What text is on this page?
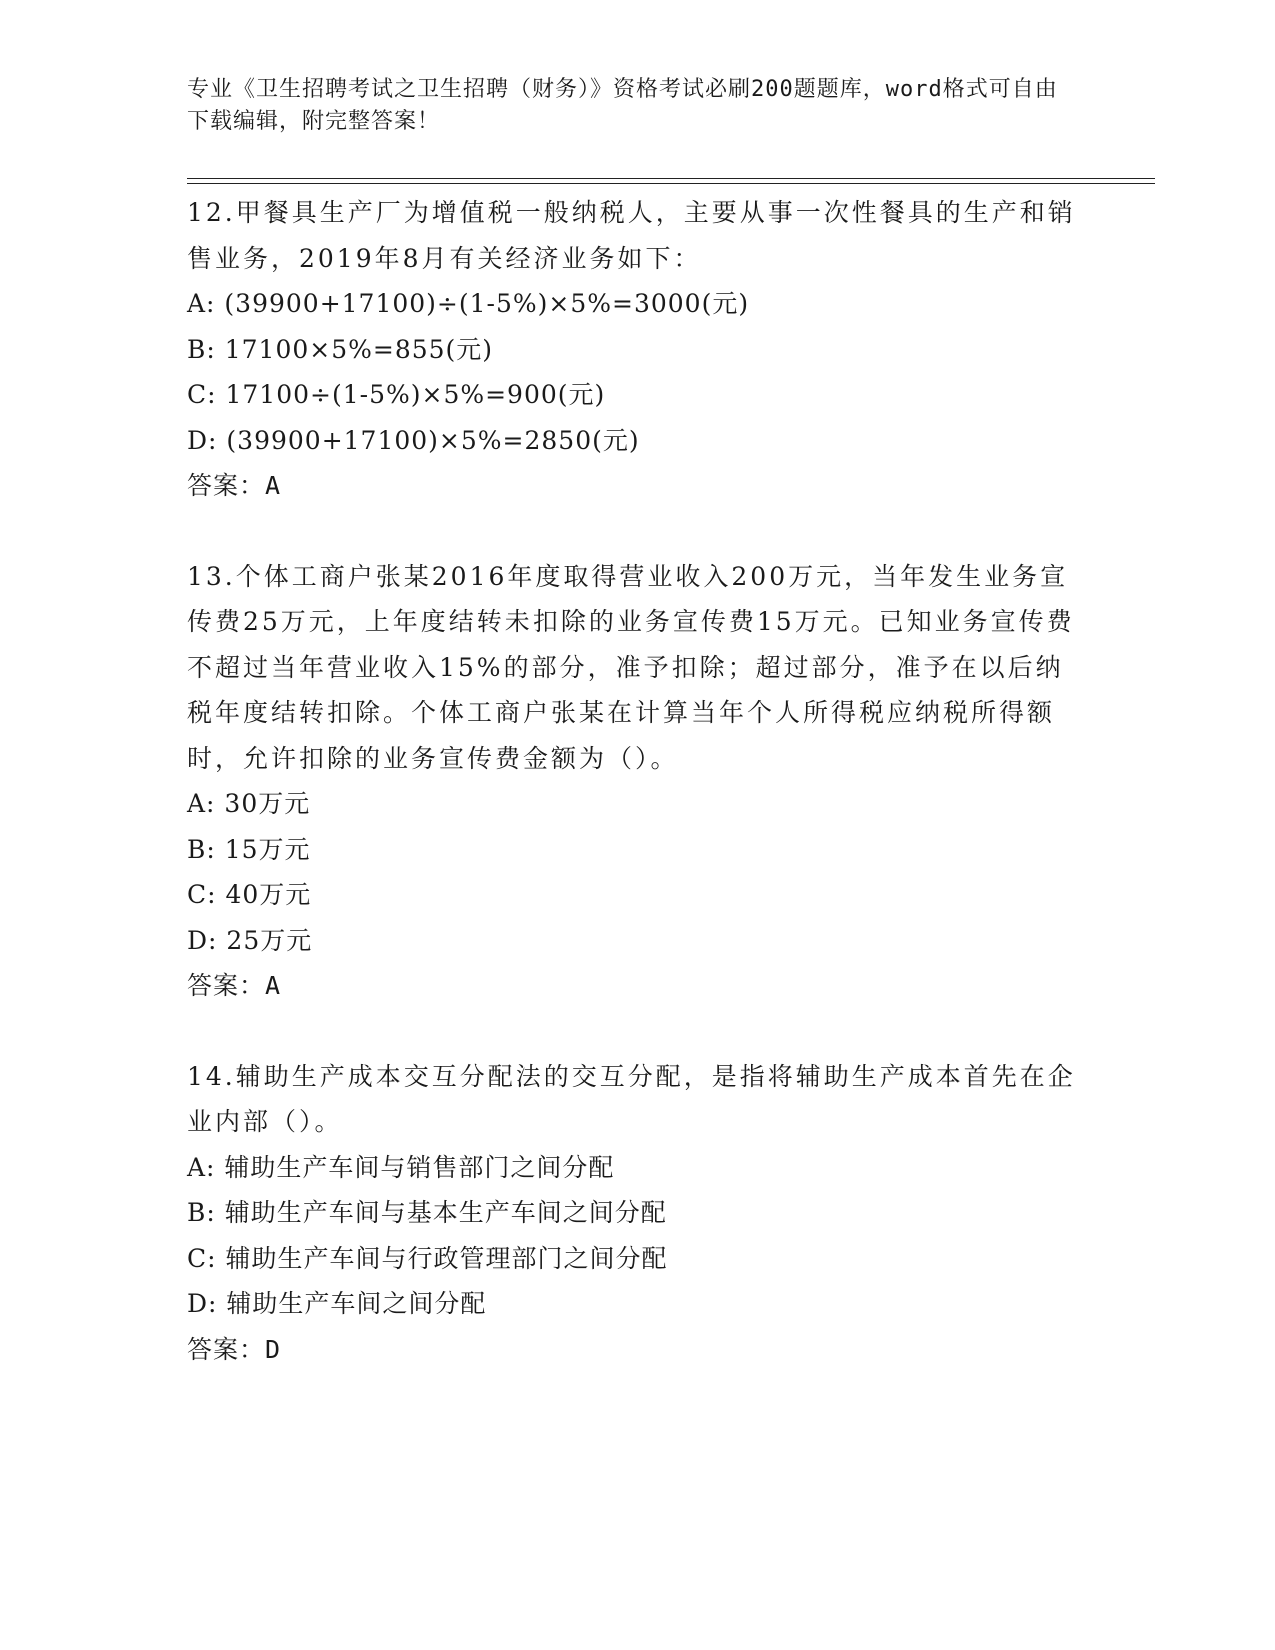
专业《卫生招聘考试之卫生招聘（财务）》资格考试必刷200题题库，word格式可自由下载编辑，附完整答案！

12.甲餐具生产厂为增值税一般纳税人，主要从事一次性餐具的生产和销售业务，2019年8月有关经济业务如下：

A: (39900+17100)÷(1-5%)×5%=3000(元)

B: 17100×5%=855(元)

C: 17100÷(1-5%)×5%=900(元)

D: (39900+17100)×5%=2850(元)

答案：A

13.个体工商户张某2016年度取得营业收入200万元，当年发生业务宣传费25万元，上年度结转未扣除的业务宣传费15万元。已知业务宣传费不超过当年营业收入15%的部分，准予扣除；超过部分，准予在以后纳税年度结转扣除。个体工商户张某在计算当年个人所得税应纳税所得额时，允许扣除的业务宣传费金额为（）。

A: 30万元

B: 15万元

C: 40万元

D: 25万元

答案：A

14.辅助生产成本交互分配法的交互分配，是指将辅助生产成本首先在企业内部（）。

A: 辅助生产车间与销售部门之间分配

B: 辅助生产车间与基本生产车间之间分配

C: 辅助生产车间与行政管理部门之间分配

D: 辅助生产车间之间分配

答案：D
